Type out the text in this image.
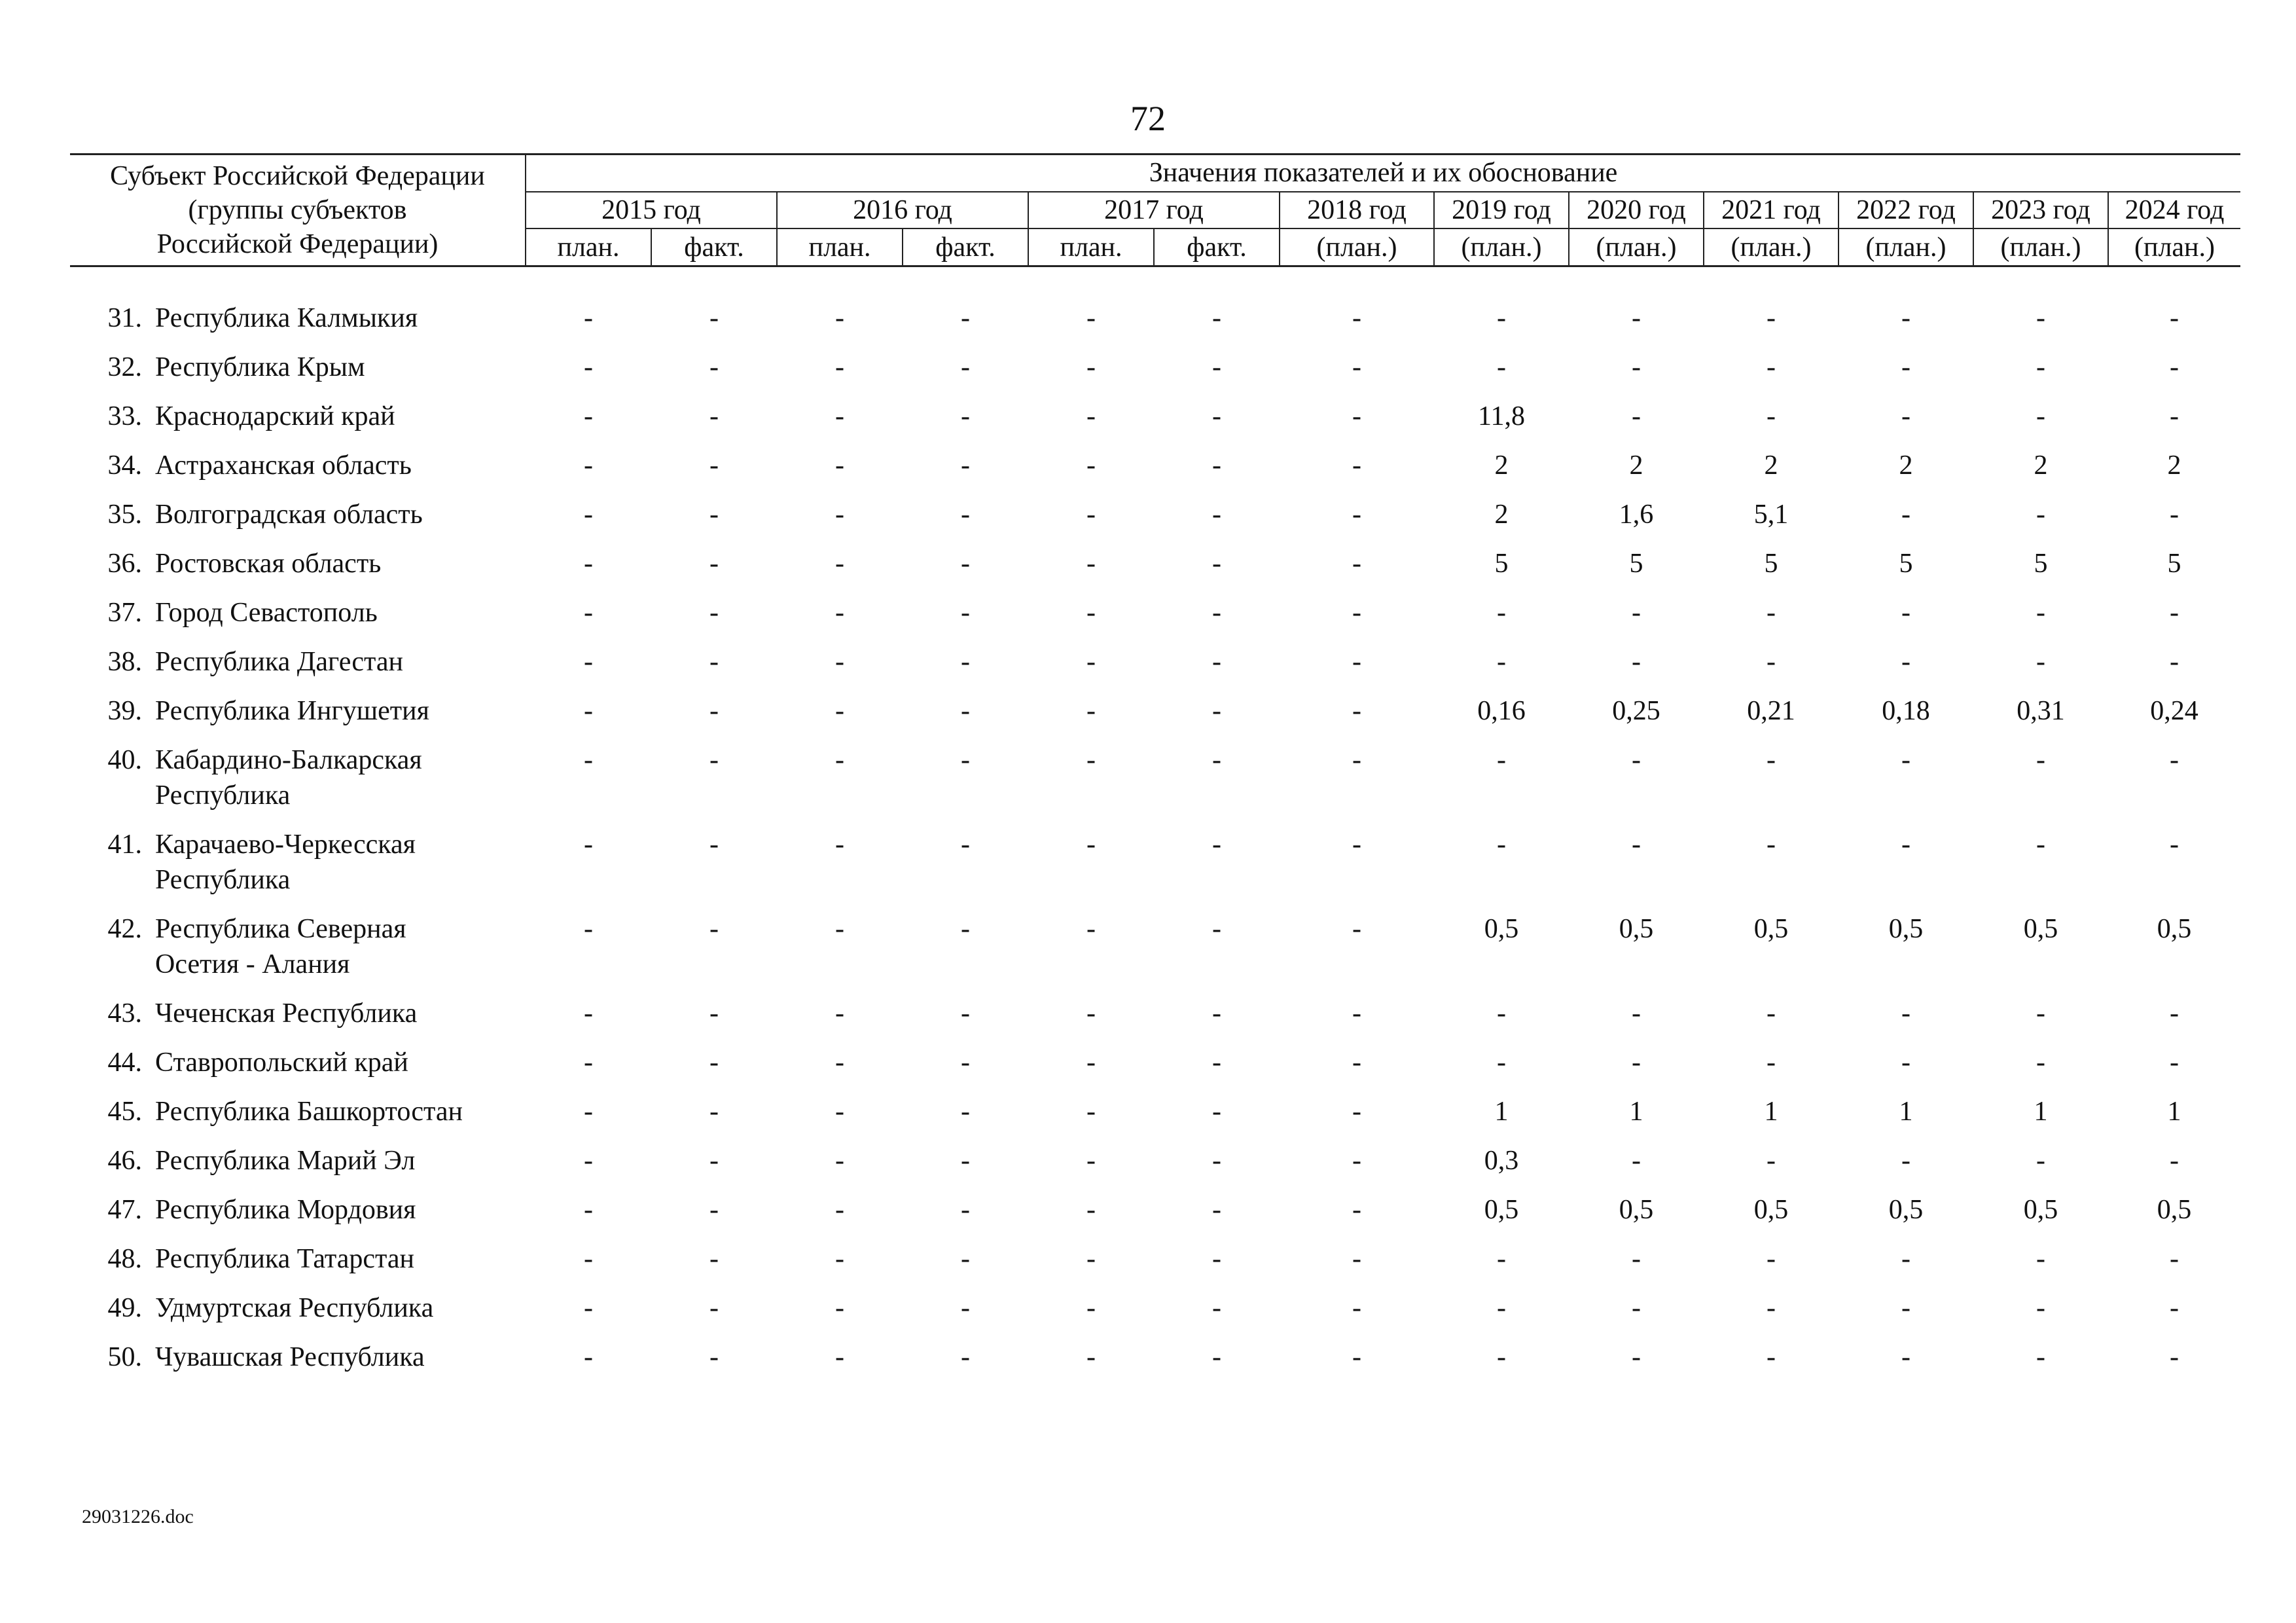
72
Субъект Российской Федерации
(группы субъектов
Российской Федерации)	Значения показателей и их обоснование												
	2015 год		2016 год		2017 год		2018 год	2019 год	2020 год	2021 год	2022 год	2023 год	2024 год
	план.	факт.	план.	факт.	план.	факт.	(план.)	(план.)	(план.)	(план.)	(план.)	(план.)	(план.)

31. Республика Калмыкия	-	-	-	-	-	-	-	-	-	-	-	-	-
32. Республика Крым	-	-	-	-	-	-	-	-	-	-	-	-	-
33. Краснодарский край	-	-	-	-	-	-	-	11,8	-	-	-	-	-
34. Астраханская область	-	-	-	-	-	-	-	2	2	2	2	2	2
35. Волгоградская область	-	-	-	-	-	-	-	2	1,6	5,1	-	-	-
36. Ростовская область	-	-	-	-	-	-	-	5	5	5	5	5	5
37. Город Севастополь	-	-	-	-	-	-	-	-	-	-	-	-	-
38. Республика Дагестан	-	-	-	-	-	-	-	-	-	-	-	-	-
39. Республика Ингушетия	-	-	-	-	-	-	-	0,16	0,25	0,21	0,18	0,31	0,24
40. Кабардино-Балкарская Республика	-	-	-	-	-	-	-	-	-	-	-	-	-
41. Карачаево-Черкесская Республика	-	-	-	-	-	-	-	-	-	-	-	-	-
42. Республика Северная Осетия - Алания	-	-	-	-	-	-	-	0,5	0,5	0,5	0,5	0,5	0,5
43. Чеченская Республика	-	-	-	-	-	-	-	-	-	-	-	-	-
44. Ставропольский край	-	-	-	-	-	-	-	-	-	-	-	-	-
45. Республика Башкортостан	-	-	-	-	-	-	-	1	1	1	1	1	1
46. Республика Марий Эл	-	-	-	-	-	-	-	0,3	-	-	-	-	-
47. Республика Мордовия	-	-	-	-	-	-	-	0,5	0,5	0,5	0,5	0,5	0,5
48. Республика Татарстан	-	-	-	-	-	-	-	-	-	-	-	-	-
49. Удмуртская Республика	-	-	-	-	-	-	-	-	-	-	-	-	-
50. Чувашская Республика	-	-	-	-	-	-	-	-	-	-	-	-	-
29031226.doc
